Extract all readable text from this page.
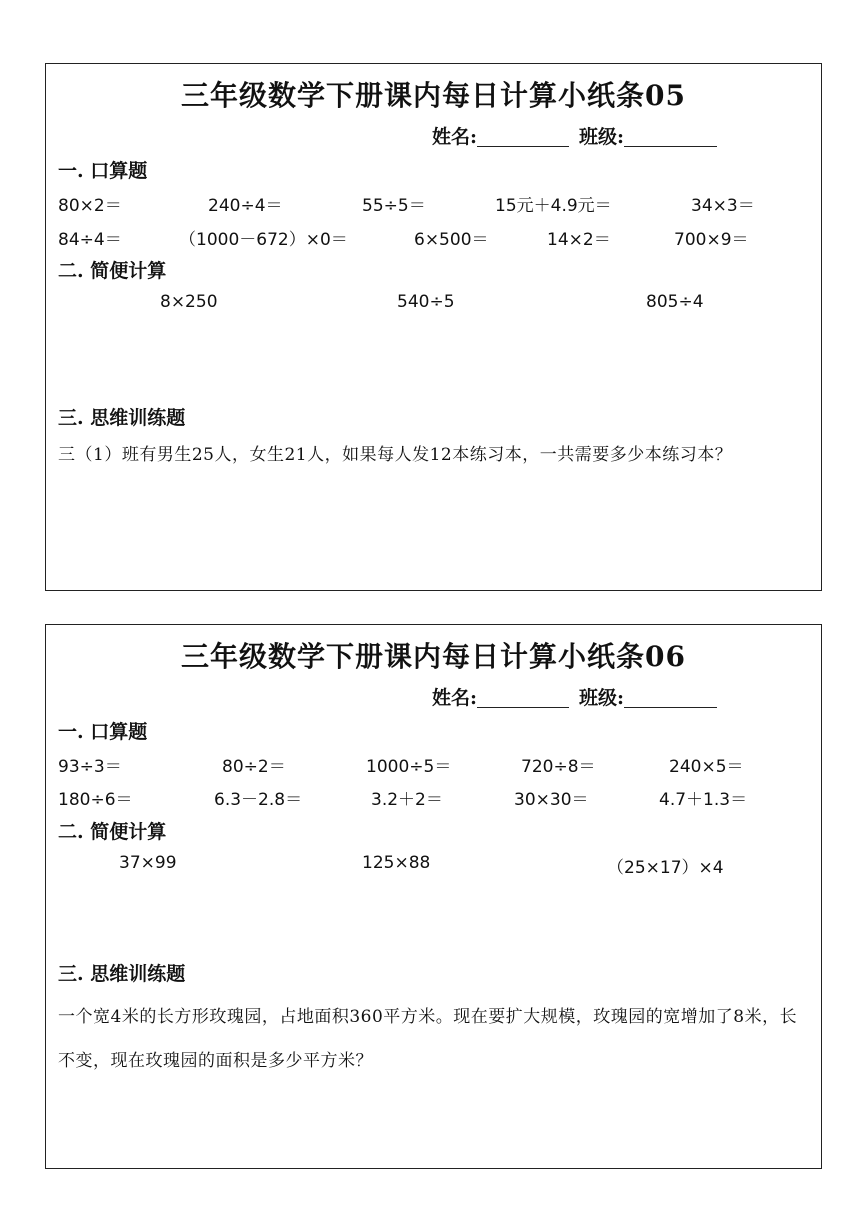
三年级数学下册课内每日计算小纸条05
姓名:	班级:
一. 口算题
80×2＝	240÷4＝	55÷5＝	15元＋4.9元＝	34×3＝
84÷4＝	（1000－672）×0＝	6×500＝	14×2＝	700×9＝
二. 简便计算
8×250	540÷5	805÷4
三. 思维训练题
三（1）班有男生25人，女生21人，如果每人发12本练习本，一共需要多少本练习本？
三年级数学下册课内每日计算小纸条06
姓名:	班级:
一. 口算题
93÷3＝	80÷2＝	1000÷5＝	720÷8＝	240×5＝
180÷6＝	6.3－2.8＝	3.2＋2＝	30×30＝	4.7＋1.3＝
二. 简便计算
37×99	125×88	（25×17）×4
三. 思维训练题
一个宽4米的长方形玫瑰园，占地面积360平方米。现在要扩大规模，玫瑰园的宽增加了8米，长不变，现在玫瑰园的面积是多少平方米？
